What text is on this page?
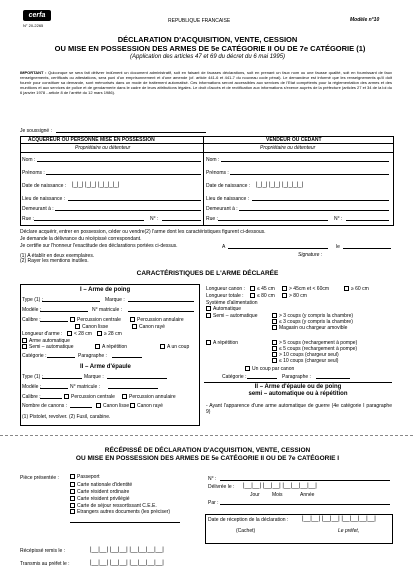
cerfa
N° 20-2265
REPUBLIQUE FRANCAISE	Modèle n°10
DÉCLARATION D'ACQUISITION, VENTE, CESSION
OU MISE EN POSSESSION DES ARMES DE 5e CATÉGORIE II OU DE 7e CATÉGORIE (1)
(Application des articles 47 et 69 du décret du 6 mai 1995)
IMPORTANT : Quiconque se sera fait délivrer indûment un document administratif, soit en faisant de fausses déclarations, soit en prenant un faux nom ou une fausse qualité, soit en fournissant de faux renseignements, certificats ou attestations, sera puni d'un emprisonnement et d'une amende (cf. article 441-6 et 441-7 du nouveau code pénal). Le demandeur est informé que les renseignements qu'il doit fournir pour constituer sa demande, sont mémorisés dans un mode de traitement automatisé. Ces informations seront accessibles aux services de l'Etat compétents pour la réglementation des armes et des munitions et aux services de police et de gendarmerie dans le cadre de leurs attributions légales. Le droit d'accès et de rectification aux informations s'exerce auprès de la préfecture (articles 27 et 34 de la loi du 6 janvier 1978 - article 8 de l'arrêté du 12 mars 1986).
Je soussigné :
ACQUEREUR OU PERSONNE MISE EN POSSESSION	VENDEUR OU CEDANT
Propriétaire ou détenteur	Propriétaire ou détenteur
Nom :
Prénoms :
Date de naissance : |_|_| |_|_| |_|_|_|_|
Lieu de naissance :
Demeurant à :
Rue :	N° :
Nom :
Prénoms :
Date de naissance : |_|_| |_|_| |_|_|_|_|
Lieu de naissance :
Demeurant à :
Rue :	N° :
Déclare acquérir, entrer en possession, céder ou vendre(2) l'arme dont les caractéristiques figurent ci-dessous.
Je demande la délivrance du récépissé correspondant.
Je certifie sur l'honneur l'exactitude des déclarations portées ci-dessus.	A	le
Signature :
(1) A établir en deux exemplaires.
(2) Rayer les mentions inutiles.
CARACTÉRISTIQUES DE L'ARME DÉCLARÉE
I – Arme de poing
Type (1) :	Marque :
Modèle :	N° matricule :
Calibre :	Percussion centrale	Percussion annulaire
Canon lisse	Canon rayé
Longueur d'arme :	< 28 cm	≥ 28 cm
Arme automatique
Semi – automatique	A répétition	A un coup
Catégorie :	Paragraphe :
II – Arme d'épaule
Type (1) :	Marque :
Modèle :	N° matricule :
Calibre :	Percussion centrale	Percussion annulaire
Nombre de canons :	Canon lisse	Canon rayé
(1) Pistolet, revolver. (2) Fusil, carabine.
Longueur canon :	≤ 45 cm	> 45cm et < 60cm	≥ 60 cm
Longueur totale :	≤ 80 cm	> 80 cm
Système d'alimentation
Automatique
Semi – automatique	> 3 coups (y compris la chambre)
≤ 3 coups (y compris la chambre)
Magasin ou chargeur amovible
A répétition	> 5 coups (rechargement à pompe)
≤ 5 coups (rechargement à pompe)
> 10 coups (chargeur seul)
≤ 10 coups (chargeur seul)
Un coup par canon
Catégorie :	Paragraphe :
II – Arme d'épaule ou de poing
semi – automatique ou à répétition
- Ayant l'apparence d'une arme automatique de guerre (4e catégorie I paragraphe 9)
RÉCÉPISSÉ DE DÉCLARATION D'ACQUISITION, VENTE, CESSION
OU MISE EN POSSESSION DES ARMES DE 5e CATÉGORIE II OU DE 7e CATÉGORIE I
Pièce présentée :	Passeport
Carte nationale d'identité
Carte résident ordinaire
Carte résident privilégié
Carte de séjour ressortissant C.E.E.
Etrangers autres documents (les préciser)
N° :
Délivrée le : |__|__| |__|__| |__|__|__|__|
Jour Mois	Année
Par :
Date de réception de la déclaration : |__|__| |__|__| |__|__|__|__|
(Cachet)	Le préfet,
Récépissé remis le :	|__|__| |__|__| |__|__|__|__|
Transmis au préfet le :	|__|__| |__|__| |__|__|__|__|
